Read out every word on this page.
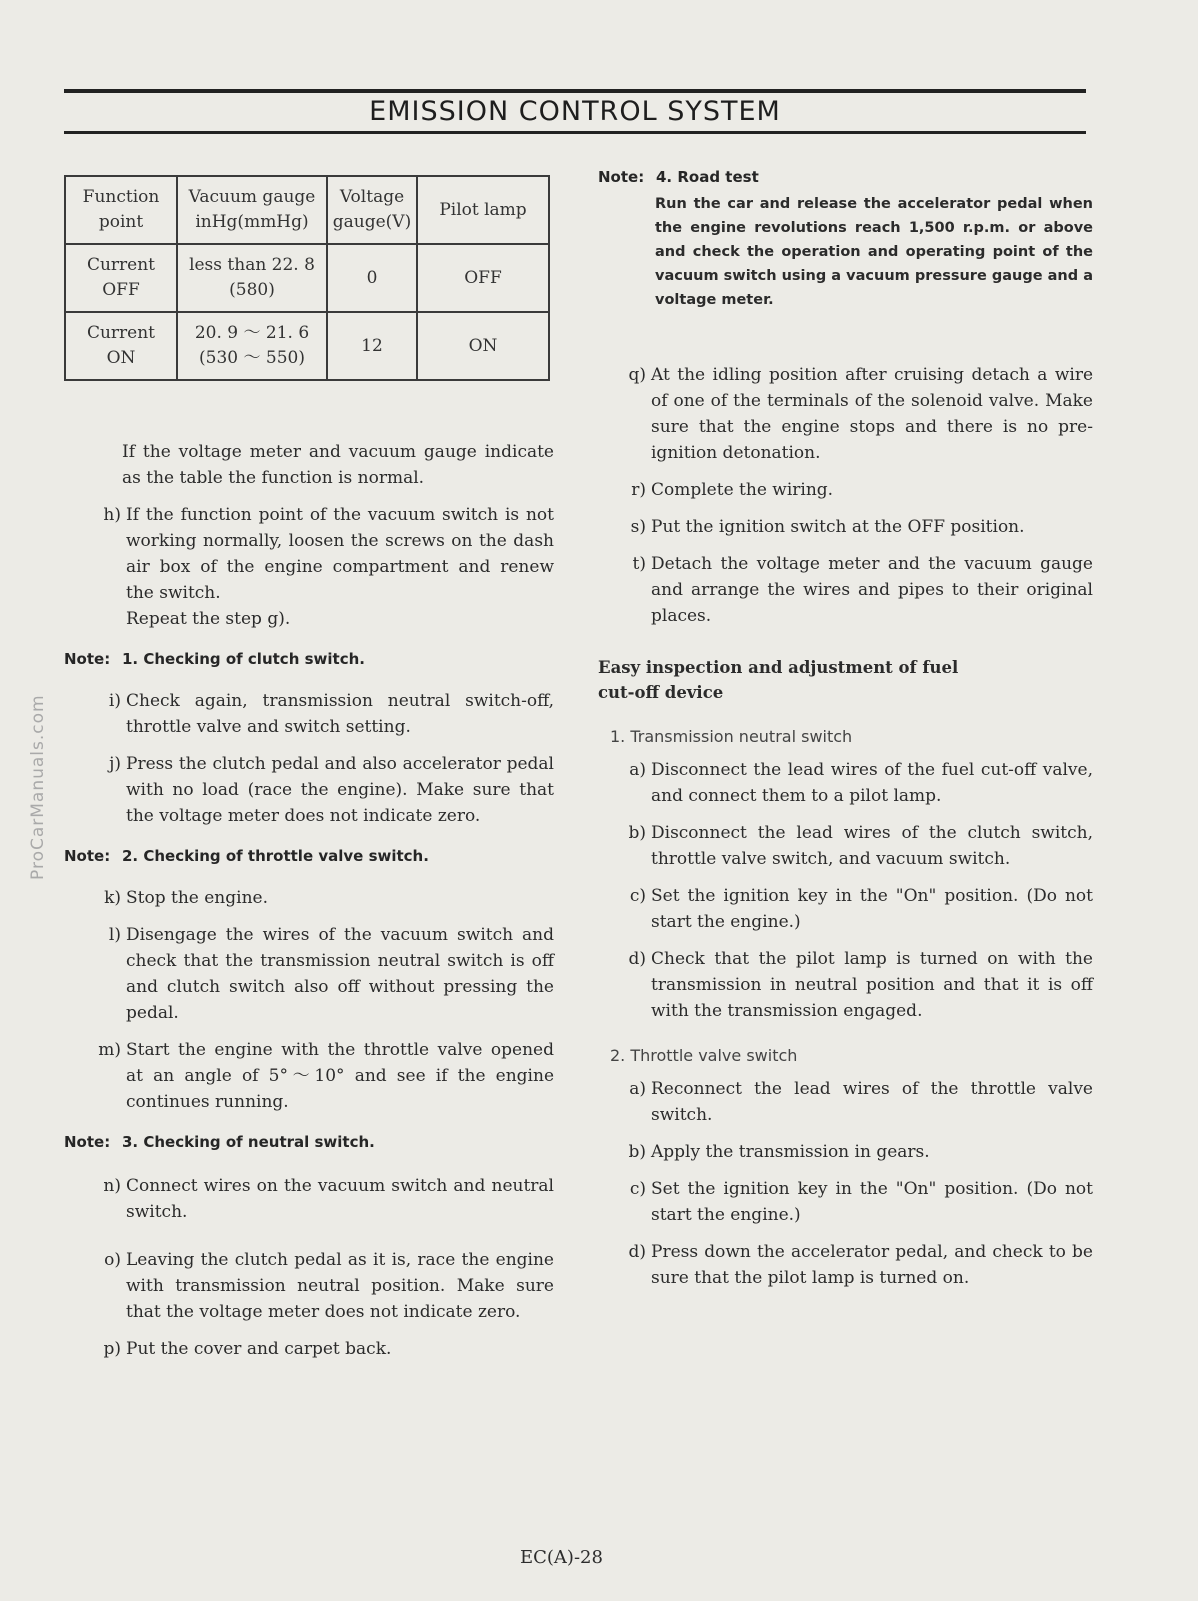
EMISSION CONTROL SYSTEM
ProCarManuals.com
Function point	Vacuum gauge inHg(mmHg)	Voltage gauge(V)	Pilot lamp
Current OFF	less than 22. 8 (580)	0	OFF
Current ON	20. 9 ～ 21. 6 (530 ～ 550)	12	ON
If the voltage meter and vacuum gauge indicate as the table the function is normal.
h) If the function point of the vacuum switch is not working normally, loosen the screws on the dash air box of the engine compartment and renew the switch.
Repeat the step g).
Note: 1. Checking of clutch switch.
i) Check again, transmission neutral switch-off, throttle valve and switch setting.
j) Press the clutch pedal and also accelerator pedal with no load (race the engine). Make sure that the voltage meter does not indicate zero.
Note: 2. Checking of throttle valve switch.
k) Stop the engine.
l) Disengage the wires of the vacuum switch and check that the transmission neutral switch is off and clutch switch also off without pressing the pedal.
m) Start the engine with the throttle valve opened at an angle of 5°～10° and see if the engine continues running.
Note: 3. Checking of neutral switch.
n) Connect wires on the vacuum switch and neutral switch.
o) Leaving the clutch pedal as it is, race the engine with transmission neutral position. Make sure that the voltage meter does not indicate zero.
p) Put the cover and carpet back.
Note: 4. Road test
Run the car and release the accelerator pedal when the engine revolutions reach 1,500 r.p.m. or above and check the operation and operating point of the vacuum switch using a vacuum pressure gauge and a voltage meter.
q) At the idling position after cruising detach a wire of one of the terminals of the solenoid valve. Make sure that the engine stops and there is no pre-ignition detonation.
r) Complete the wiring.
s) Put the ignition switch at the OFF position.
t) Detach the voltage meter and the vacuum gauge and arrange the wires and pipes to their original places.
Easy inspection and adjustment of fuel cut-off device
1. Transmission neutral switch
a) Disconnect the lead wires of the fuel cut-off valve, and connect them to a pilot lamp.
b) Disconnect the lead wires of the clutch switch, throttle valve switch, and vacuum switch.
c) Set the ignition key in the "On" position. (Do not start the engine.)
d) Check that the pilot lamp is turned on with the transmission in neutral position and that it is off with the transmission engaged.
2. Throttle valve switch
a) Reconnect the lead wires of the throttle valve switch.
b) Apply the transmission in gears.
c) Set the ignition key in the "On" position. (Do not start the engine.)
d) Press down the accelerator pedal, and check to be sure that the pilot lamp is turned on.
EC(A)-28
